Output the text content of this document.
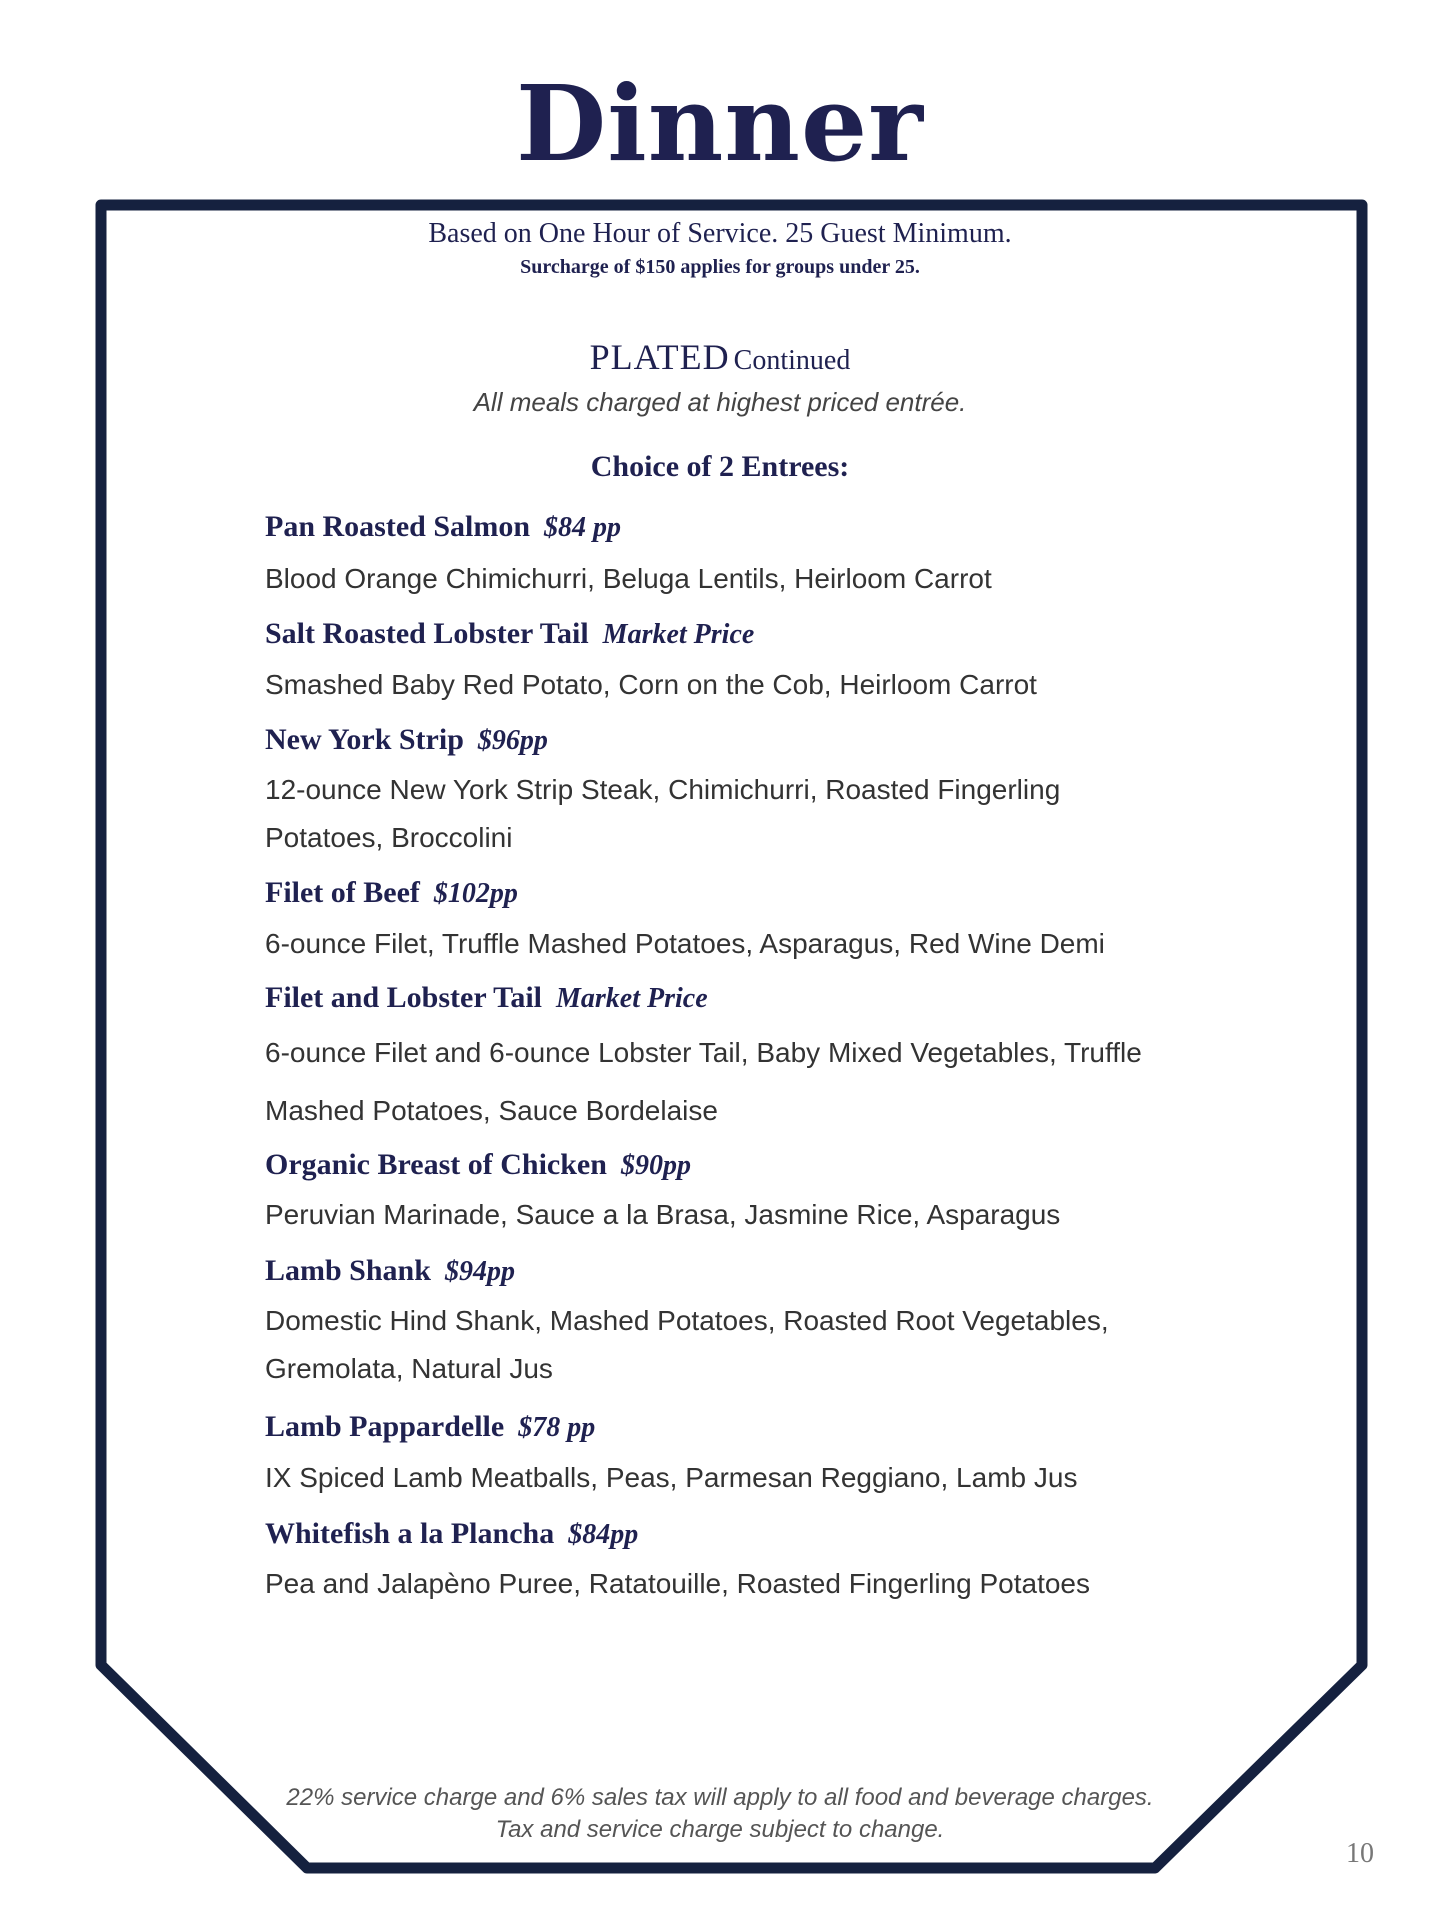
Dinner
Based on One Hour of Service. 25 Guest Minimum.
Surcharge of $150 applies for groups under 25.
PLATED Continued
All meals charged at highest priced entrée.
Choice of 2 Entrees:
Pan Roasted Salmon $84 pp
Blood Orange Chimichurri, Beluga Lentils, Heirloom Carrot
Salt Roasted Lobster Tail Market Price
Smashed Baby Red Potato, Corn on the Cob, Heirloom Carrot
New York Strip $96pp
12-ounce New York Strip Steak, Chimichurri, Roasted Fingerling Potatoes, Broccolini
Filet of Beef $102pp
6-ounce Filet, Truffle Mashed Potatoes, Asparagus, Red Wine Demi
Filet and Lobster Tail Market Price
6-ounce Filet and 6-ounce Lobster Tail, Baby Mixed Vegetables, Truffle Mashed Potatoes, Sauce Bordelaise
Organic Breast of Chicken $90pp
Peruvian Marinade, Sauce a la Brasa, Jasmine Rice, Asparagus
Lamb Shank $94pp
Domestic Hind Shank, Mashed Potatoes, Roasted Root Vegetables, Gremolata, Natural Jus
Lamb Pappardelle $78 pp
IX Spiced Lamb Meatballs, Peas, Parmesan Reggiano, Lamb Jus
Whitefish a la Plancha $84pp
Pea and Jalapèno Puree, Ratatouille, Roasted Fingerling Potatoes
22% service charge and 6% sales tax will apply to all food and beverage charges. Tax and service charge subject to change.
10
